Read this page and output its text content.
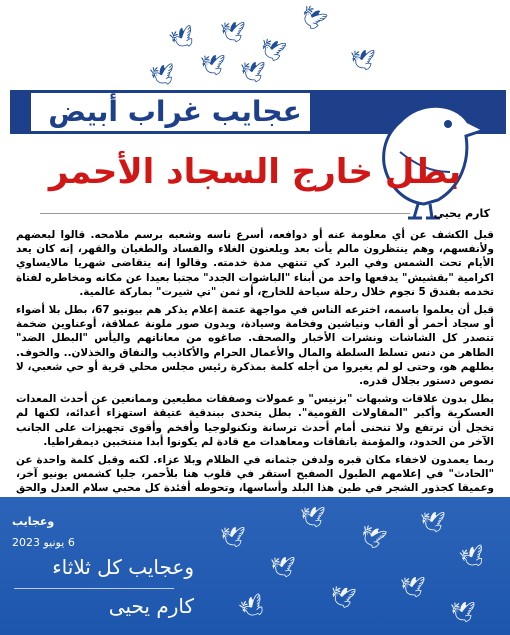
🕊 🕊
🕊
🕊
🕊
🕊
🕊	🕊
عجايب غراب أبيض
بطل خارج السجاد الأحمر
كارم يحيى

قبل الكشف عن أي معلومة عنه أو دوافعه، أسرع ناسه وشعبه برسم ملامحه. قالوا لبعضهم ولأنفسهم، وهم ينتظرون مالم يأت بعد ويلعنون الغلاء والفساد والطغيان والقهر، إنه كان يعد الأيام تحت الشمس وفي البرد كي تنتهي مدة خدمته. وقالوا إنه يتقاضى شهريا مالايساوي اكرامية "بقشيش" يدفعها واحد من أبناء "الباشوات الجدد" مجتبا بعيدا عن مكانه ومخاطره لفتاة تخدمه بفندق 5 نجوم خلال رحلة سياحة للخارج، أو ثمن "تي شيرت" بماركة عالمية.

قبل أن يعلموا باسمه، اخترعه الناس في مواجهة عتمة إعلام يذكر هم بيونيو 67، بطل بلا أضواء أو سجاد أحمر أو ألقاب ونياشين وفخامة وسيادة، ويدون صور ملونة عملاقة، أوعناوين ضخمة تتصدر كل الشاشات ونشرات الأخبار والصحف. صاغوه من معاناتهم واليأس "البطل الضد" الطاهر من دنس تسلط السلطة والمال والأعمال الحرام والأكاذيب والنفاق والخذلان.. والخوف. بطلهم هو، وحتى لو لم يغيروا من أجله كلمة بمذكرة رئيس مجلس محلي قرية أو حي شعبي، لا نصوص دستور بجلال قدره.

بطل بدون علاقات وشبهات "بزنيس" و عمولات وصفقات مطيعين وممانعين عن أحدث المعدات العسكرية وأكبر "المقاولات القومية". بطل يتحدى ببندقية عتيقة استهزاء أعدائه، لكنها لم تخجل أن ترتفع ولا تنحنى أمام أحدث ترسانة وتكنولوجيا وأفخم وأقوى تجهيزات على الجانب الآخر من الحدود، والمؤمنة باتفاقات ومعاهدات مع قادة لم يكونوا أبدا منتخبين ديمقراطيا.

ربما يعمدون لاخفاء مكان قبره ولدفن جثمانه في الظلام وبلا عزاء. لكنه وقبل كلمة واحدة عن "الحادث" في إعلامهم الطبول الصفيح استقر في قلوب هنا بلأحمر، جليا كشمس يونيو آخر، وعميقا كجذور الشجر في طين هذا البلد وأساسها، وتحوطه أفئدة كل محبي سلام العدل والحق

🕊
🕊 🕊
🕊
🕊
🕊 🕊
🕊	🕊
🕊
وعجايب
6 يونيو 2023
وعجايب كل ثلاثاء
كارم يحيى
